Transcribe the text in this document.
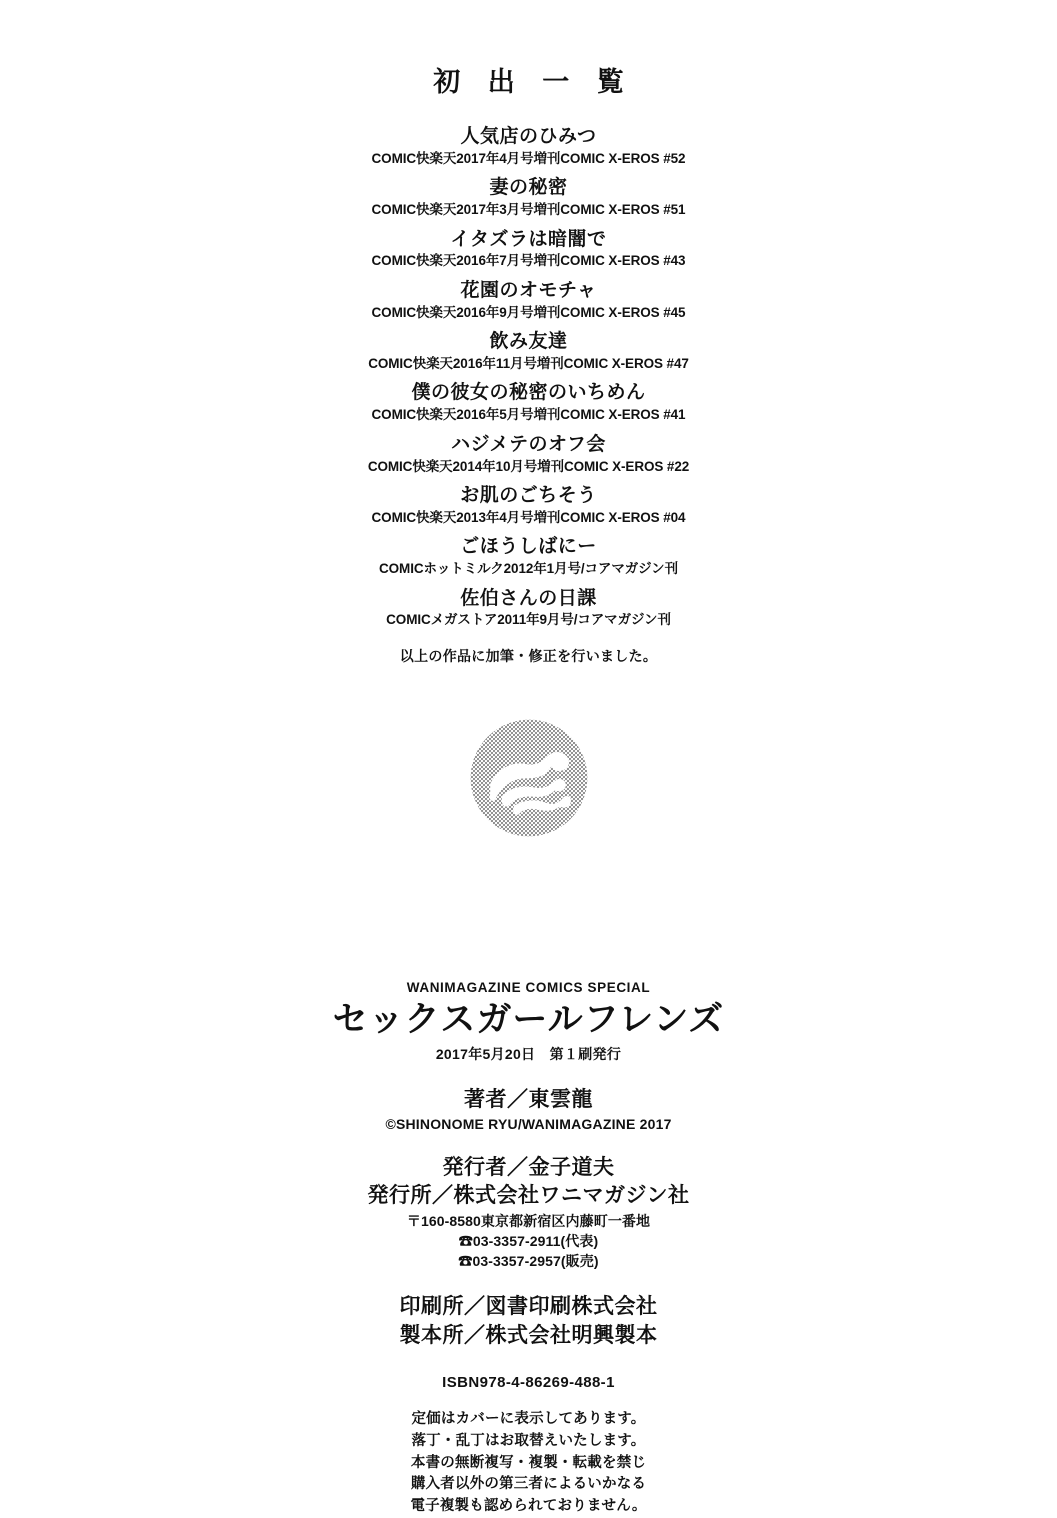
初 出 一 覧

人気店のひみつ

COMIC快楽天2017年4月号増刊COMIC X-EROS #52

妻の秘密

COMIC快楽天2017年3月号増刊COMIC X-EROS #51

イタズラは暗闇で

COMIC快楽天2016年7月号増刊COMIC X-EROS #43

花園のオモチャ

COMIC快楽天2016年9月号増刊COMIC X-EROS #45

飲み友達

COMIC快楽天2016年11月号増刊COMIC X-EROS #47

僕の彼女の秘密のいちめん

COMIC快楽天2016年5月号増刊COMIC X-EROS #41

ハジメテのオフ会

COMIC快楽天2014年10月号増刊COMIC X-EROS #22

お肌のごちそう

COMIC快楽天2013年4月号増刊COMIC X-EROS #04

ごほうしばにー

COMICホットミルク2012年1月号/コアマガジン刊

佐伯さんの日課

COMICメガストア2011年9月号/コアマガジン刊

以上の作品に加筆・修正を行いました。

WANIMAGAZINE COMICS SPECIAL

セックスガールフレンズ

2017年5月20日　第１刷発行

著者／東雲龍

©SHINONOME RYU/WANIMAGAZINE 2017

発行者／金子道夫

発行所／株式会社ワニマガジン社

〒160-8580東京都新宿区内藤町一番地

☎03-3357-2911(代表)

☎03-3357-2957(販売)

印刷所／図書印刷株式会社

製本所／株式会社明興製本

ISBN978-4-86269-488-1

定価はカバーに表示してあります。

落丁・乱丁はお取替えいたします。

本書の無断複写・複製・転載を禁じ

購入者以外の第三者によるいかなる

電子複製も認められておりません。
